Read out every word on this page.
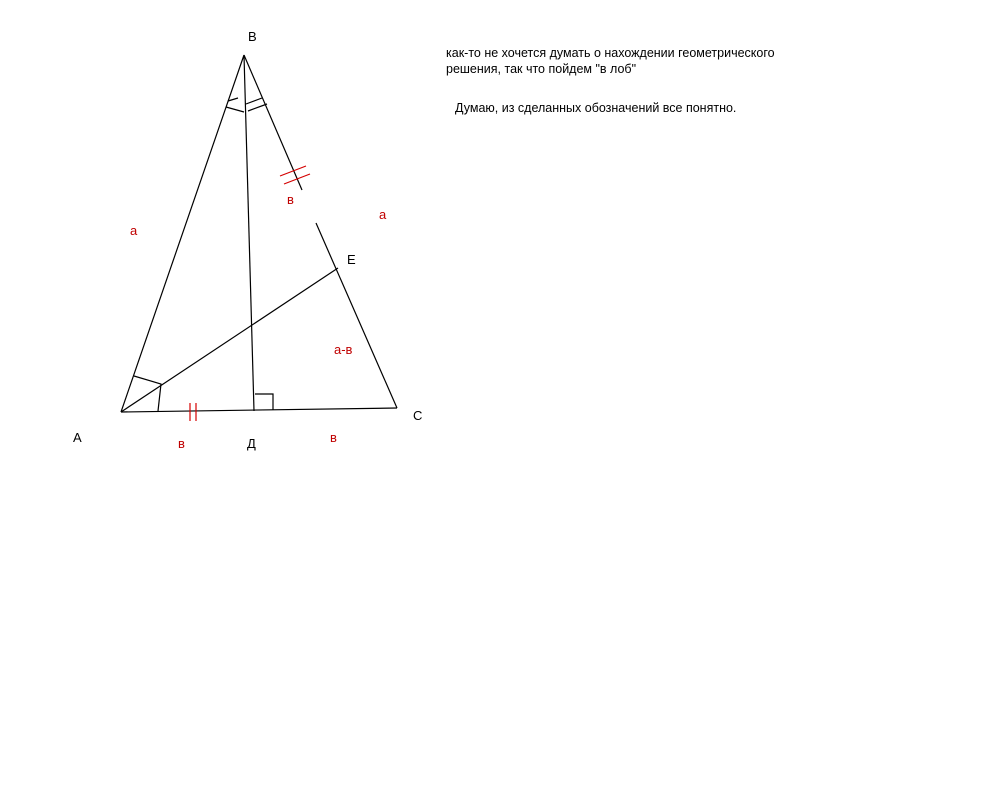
В
А
С
Д
Е
а
в
а
а-в
в	в
как-то не хочется думать о нахождении геометрического
решения, так что пойдем "в лоб"
Думаю, из сделанных обозначений все понятно.
